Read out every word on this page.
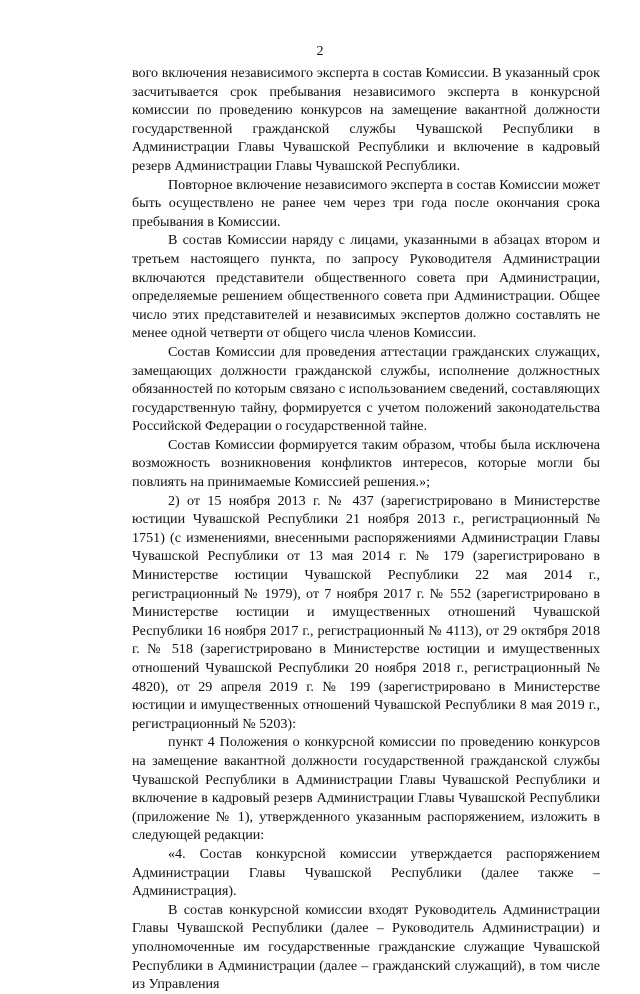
2

вого включения независимого эксперта в состав Комиссии. В указанный срок засчитывается срок пребывания независимого эксперта в конкурсной комиссии по проведению конкурсов на замещение вакантной должности государственной гражданской службы Чувашской Республики в Администрации Главы Чувашской Республики и включение в кадровый резерв Администрации Главы Чувашской Республики.

Повторное включение независимого эксперта в состав Комиссии может быть осуществлено не ранее чем через три года после окончания срока пребывания в Комиссии.

В состав Комиссии наряду с лицами, указанными в абзацах втором и третьем настоящего пункта, по запросу Руководителя Администрации включаются представители общественного совета при Администрации, определяемые решением общественного совета при Администрации. Общее число этих представителей и независимых экспертов должно составлять не менее одной четверти от общего числа членов Комиссии.

Состав Комиссии для проведения аттестации гражданских служащих, замещающих должности гражданской службы, исполнение должностных обязанностей по которым связано с использованием сведений, составляющих государственную тайну, формируется с учетом положений законодательства Российской Федерации о государственной тайне.

Состав Комиссии формируется таким образом, чтобы была исключена возможность возникновения конфликтов интересов, которые могли бы повлиять на принимаемые Комиссией решения.»;

2) от 15 ноября 2013 г. № 437 (зарегистрировано в Министерстве юстиции Чувашской Республики 21 ноября 2013 г., регистрационный № 1751) (с изменениями, внесенными распоряжениями Администрации Главы Чувашской Республики от 13 мая 2014 г. № 179 (зарегистрировано в Министерстве юстиции Чувашской Республики 22 мая 2014 г., регистрационный № 1979), от 7 ноября 2017 г. № 552 (зарегистрировано в Министерстве юстиции и имущественных отношений Чувашской Республики 16 ноября 2017 г., регистрационный № 4113), от 29 октября 2018 г. № 518 (зарегистрировано в Министерстве юстиции и имущественных отношений Чувашской Республики 20 ноября 2018 г., регистрационный № 4820), от 29 апреля 2019 г. № 199 (зарегистрировано в Министерстве юстиции и имущественных отношений Чувашской Республики 8 мая 2019 г., регистрационный № 5203):

пункт 4 Положения о конкурсной комиссии по проведению конкурсов на замещение вакантной должности государственной гражданской службы Чувашской Республики в Администрации Главы Чувашской Республики и включение в кадровый резерв Администрации Главы Чувашской Республики (приложение № 1), утвержденного указанным распоряжением, изложить в следующей редакции:

«4. Состав конкурсной комиссии утверждается распоряжением Администрации Главы Чувашской Республики (далее также – Администрация).

В состав конкурсной комиссии входят Руководитель Администрации Главы Чувашской Республики (далее – Руководитель Администрации) и уполномоченные им государственные гражданские служащие Чувашской Республики в Администрации (далее – гражданский служащий), в том числе из Управления
